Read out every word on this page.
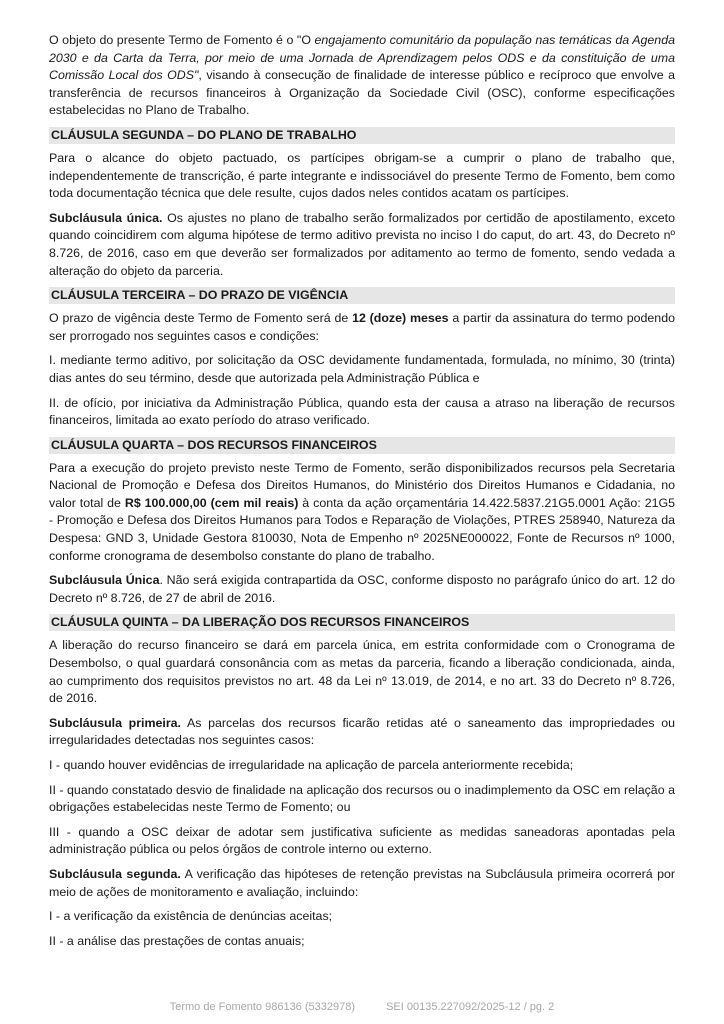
O objeto do presente Termo de Fomento é o "O engajamento comunitário da população nas temáticas da Agenda 2030 e da Carta da Terra, por meio de uma Jornada de Aprendizagem pelos ODS e da constituição de uma Comissão Local dos ODS", visando à consecução de finalidade de interesse público e recíproco que envolve a transferência de recursos financeiros à Organização da Sociedade Civil (OSC), conforme especificações estabelecidas no Plano de Trabalho.

CLÁUSULA SEGUNDA – DO PLANO DE TRABALHO

Para o alcance do objeto pactuado, os partícipes obrigam-se a cumprir o plano de trabalho que, independentemente de transcrição, é parte integrante e indissociável do presente Termo de Fomento, bem como toda documentação técnica que dele resulte, cujos dados neles contidos acatam os partícipes.

Subcláusula única. Os ajustes no plano de trabalho serão formalizados por certidão de apostilamento, exceto quando coincidirem com alguma hipótese de termo aditivo prevista no inciso I do caput, do art. 43, do Decreto nº 8.726, de 2016, caso em que deverão ser formalizados por aditamento ao termo de fomento, sendo vedada a alteração do objeto da parceria.

CLÁUSULA TERCEIRA – DO PRAZO DE VIGÊNCIA

O prazo de vigência deste Termo de Fomento será de 12 (doze) meses a partir da assinatura do termo podendo ser prorrogado nos seguintes casos e condições:

I. mediante termo aditivo, por solicitação da OSC devidamente fundamentada, formulada, no mínimo, 30 (trinta) dias antes do seu término, desde que autorizada pela Administração Pública e

II. de ofício, por iniciativa da Administração Pública, quando esta der causa a atraso na liberação de recursos financeiros, limitada ao exato período do atraso verificado.

CLÁUSULA QUARTA – DOS RECURSOS FINANCEIROS

Para a execução do projeto previsto neste Termo de Fomento, serão disponibilizados recursos pela Secretaria Nacional de Promoção e Defesa dos Direitos Humanos, do Ministério dos Direitos Humanos e Cidadania, no valor total de R$ 100.000,00 (cem mil reais) à conta da ação orçamentária 14.422.5837.21G5.0001 Ação: 21G5 - Promoção e Defesa dos Direitos Humanos para Todos e Reparação de Violações, PTRES 258940, Natureza da Despesa: GND 3, Unidade Gestora 810030, Nota de Empenho nº 2025NE000022, Fonte de Recursos nº 1000, conforme cronograma de desembolso constante do plano de trabalho.

Subcláusula Única. Não será exigida contrapartida da OSC, conforme disposto no parágrafo único do art. 12 do Decreto nº 8.726, de 27 de abril de 2016.

CLÁUSULA QUINTA – DA LIBERAÇÃO DOS RECURSOS FINANCEIROS

A liberação do recurso financeiro se dará em parcela única, em estrita conformidade com o Cronograma de Desembolso, o qual guardará consonância com as metas da parceria, ficando a liberação condicionada, ainda, ao cumprimento dos requisitos previstos no art. 48 da Lei nº 13.019, de 2014, e no art. 33 do Decreto nº 8.726, de 2016.

Subcláusula primeira. As parcelas dos recursos ficarão retidas até o saneamento das impropriedades ou irregularidades detectadas nos seguintes casos:

I - quando houver evidências de irregularidade na aplicação de parcela anteriormente recebida;

II - quando constatado desvio de finalidade na aplicação dos recursos ou o inadimplemento da OSC em relação a obrigações estabelecidas neste Termo de Fomento; ou

III - quando a OSC deixar de adotar sem justificativa suficiente as medidas saneadoras apontadas pela administração pública ou pelos órgãos de controle interno ou externo.

Subcláusula segunda. A verificação das hipóteses de retenção previstas na Subcláusula primeira ocorrerá por meio de ações de monitoramento e avaliação, incluindo:

I - a verificação da existência de denúncias aceitas;

II - a análise das prestações de contas anuais;

Termo de Fomento 986136 (5332978)	SEI 00135.227092/2025-12 / pg. 2
